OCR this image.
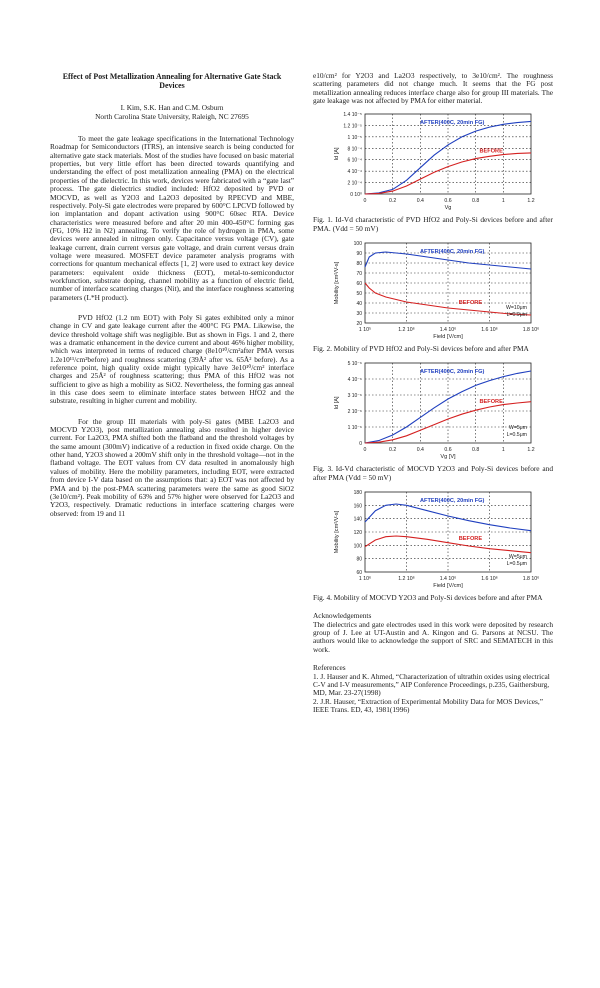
Effect of Post Metallization Annealing for Alternative Gate Stack Devices

I. Kim, S.K. Han and C.M. Osburn

North Carolina State University, Raleigh, NC 27695

To meet the gate leakage specifications in the International Technology Roadmap for Semiconductors (ITRS), an intensive search is being conducted for alternative gate stack materials. Most of the studies have focused on basic material properties, but very little effort has been directed towards quantifying and understanding the effect of post metallization annealing (PMA) on the electrical properties of the dielectric. In this work, devices were fabricated with a “gate last” process. The gate dielectrics studied included: HfO2 deposited by PVD or MOCVD, as well as Y2O3 and La2O3 deposited by RPECVD and MBE, respectively. Poly-Si gate electrodes were prepared by 600°C LPCVD followed by ion implantation and dopant activation using 900°C 60sec RTA. Device characteristics were measured before and after 20 min 400-450°C forming gas (FG, 10% H2 in N2) annealing. To verify the role of hydrogen in PMA, some devices were annealed in nitrogen only. Capacitance versus voltage (CV), gate leakage current, drain current versus gate voltage, and drain current versus drain voltage were measured. MOSFET device parameter analysis programs with corrections for quantum mechanical effects [1, 2] were used to extract key device parameters: equivalent oxide thickness (EOT), metal-to-semiconductor workfunction, substrate doping, channel mobility as a function of electric field, number of interface scattering charges (Nit), and the interface roughness scattering parameters (L*H product).

PVD HfO2 (1.2 nm EOT) with Poly Si gates exhibited only a minor change in CV and gate leakage current after the 400°C FG PMA. Likewise, the device threshold voltage shift was negligible. But as shown in Figs. 1 and 2, there was a dramatic enhancement in the device current and about 46% higher mobility, which was interpreted in terms of reduced charge (8e10¹⁰/cm²after PMA versus 1.2e10¹¹/cm²before) and roughness scattering (39Å² after vs. 65Å² before). As a reference point, high quality oxide might typically have 3e10¹⁰/cm² interface charges and 25Å² of roughness scattering; thus PMA of this HfO2 was not sufficient to give as high a mobility as SiO2. Nevertheless, the forming gas anneal in this case does seem to eliminate interface states between HfO2 and the substrate, resulting in higher current and mobility.

For the group III materials with poly-Si gates (MBE La2O3 and MOCVD Y2O3), post metallization annealing also resulted in higher device current. For La2O3, PMA shifted both the flatband and the threshold voltages by the same amount (300mV) indicative of a reduction in fixed oxide charge. On the other hand, Y2O3 showed a 200mV shift only in the threshold voltage—not in the flatband voltage. The EOT values from CV data resulted in anomalously high values of mobility. Here the mobility parameters, including EOT, were extracted from device I-V data based on the assumptions that: a) EOT was not affected by PMA and b) the post-PMA scattering parameters were the same as good SiO2 (3e10/cm²). Peak mobility of 63% and 57% higher were observed for La2O3 and Y2O3, respectively. Dramatic reductions in interface scattering charges were observed: from 19 and 11

e10/cm² for Y2O3 and La2O3 respectively, to 3e10/cm². The roughness scattering parameters did not change much. It seems that the FG post metallization annealing reduces interface charge also for group III materials. The gate leakage was not affected by PMA for either material.

0	0.2	0.4	0.6	0.8	1	1.2
0 10⁰
2 10⁻⁴
4 10⁻⁴
6 10⁻⁴
8 10⁻⁴
1 10⁻⁵
1.2 10⁻⁵
1.4 10⁻⁵
Vg
Id [A]
AFTER(400C, 20min FG)
BEFORE

Fig. 1. Id-Vd characteristic of PVD HfO2 and Poly-Si devices before and after PMA. (Vdd = 50 mV)

1 10⁵	1.2 10⁶	1.4 10⁶	1.6 10⁶	1.8 10⁶
20
30
40
50
60
70
80
90
100
Field [V/cm]
Mobility [cm²/V-s]
AFTER(400C, 20min FG)
BEFORE
W=10μm
L=0.9μm

Fig. 2. Mobility of PVD HfO2 and Poly-Si devices before and after PMA

0	0.2	0.4	0.6	0.8	1	1.2
0
1 10⁻⁶
2 10⁻⁶
3 10⁻⁶
4 10⁻⁶
5 10⁻⁶
Vg [V]
Id [A]
AFTER(400C, 20min FG)
BEFORE
W=5μm
L=0.5μm

Fig. 3. Id-Vd characteristic of MOCVD Y2O3 and Poly-Si devices before and after PMA (Vdd = 50 mV)

1 10⁶	1.2 10⁶	1.4 10⁶	1.6 10⁶	1.8 10⁶
60
80
100
120
140
160
180
Field [V/cm]
Mobility [cm²/V-s]
AFTER(400C, 20min FG)
BEFORE
W=5μm
L=0.5μm

Fig. 4. Mobility of MOCVD Y2O3 and Poly-Si devices before and after PMA

Acknowledgements

The dielectrics and gate electrodes used in this work were deposited by research group of J. Lee at UT-Austin and A. Kingon and G. Parsons at NCSU. The authors would like to acknowledge the support of SRC and SEMATECH in this work.

References

1. J. Hauser and K. Ahmed, “Characterization of ultrathin oxides using electrical C-V and I-V measurements,” AIP Conference Proceedings, p.235, Gaithersburg, MD, Mar. 23-27(1998)

2. J.R. Hauser, “Extraction of Experimental Mobility Data for MOS Devices,” IEEE Trans. ED, 43, 1981(1996)
